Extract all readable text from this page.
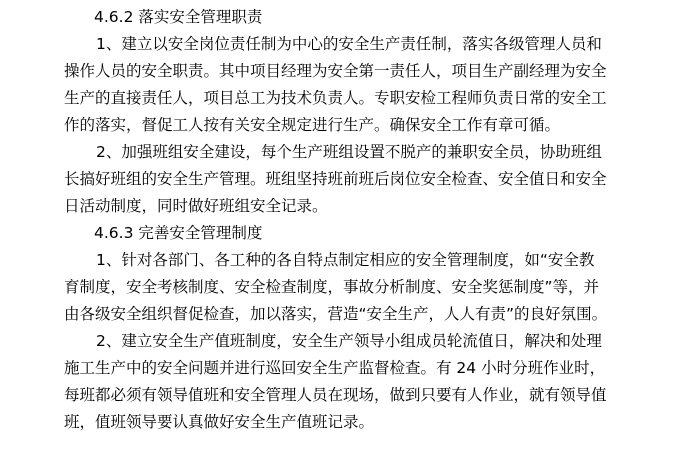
4.6.2 落实安全管理职责
1、建立以安全岗位责任制为中心的安全生产责任制，落实各级管理人员和
操作人员的安全职责。其中项目经理为安全第一责任人，项目生产副经理为安全
生产的直接责任人，项目总工为技术负责人。专职安检工程师负责日常的安全工
作的落实，督促工人按有关安全规定进行生产。确保安全工作有章可循。
2、加强班组安全建设，每个生产班组设置不脱产的兼职安全员，协助班组
长搞好班组的安全生产管理。班组坚持班前班后岗位安全检查、安全值日和安全
日活动制度，同时做好班组安全记录。
4.6.3 完善安全管理制度
1、针对各部门、各工种的各自特点制定相应的安全管理制度，如“安全教
育制度，安全考核制度、安全检查制度，事故分析制度、安全奖惩制度”等，并
由各级安全组织督促检查，加以落实，营造“安全生产，人人有责”的良好氛围。
2、建立安全生产值班制度，安全生产领导小组成员轮流值日，解决和处理
施工生产中的安全问题并进行巡回安全生产监督检查。有 24 小时分班作业时，
每班都必须有领导值班和安全管理人员在现场，做到只要有人作业，就有领导值
班，值班领导要认真做好安全生产值班记录。
